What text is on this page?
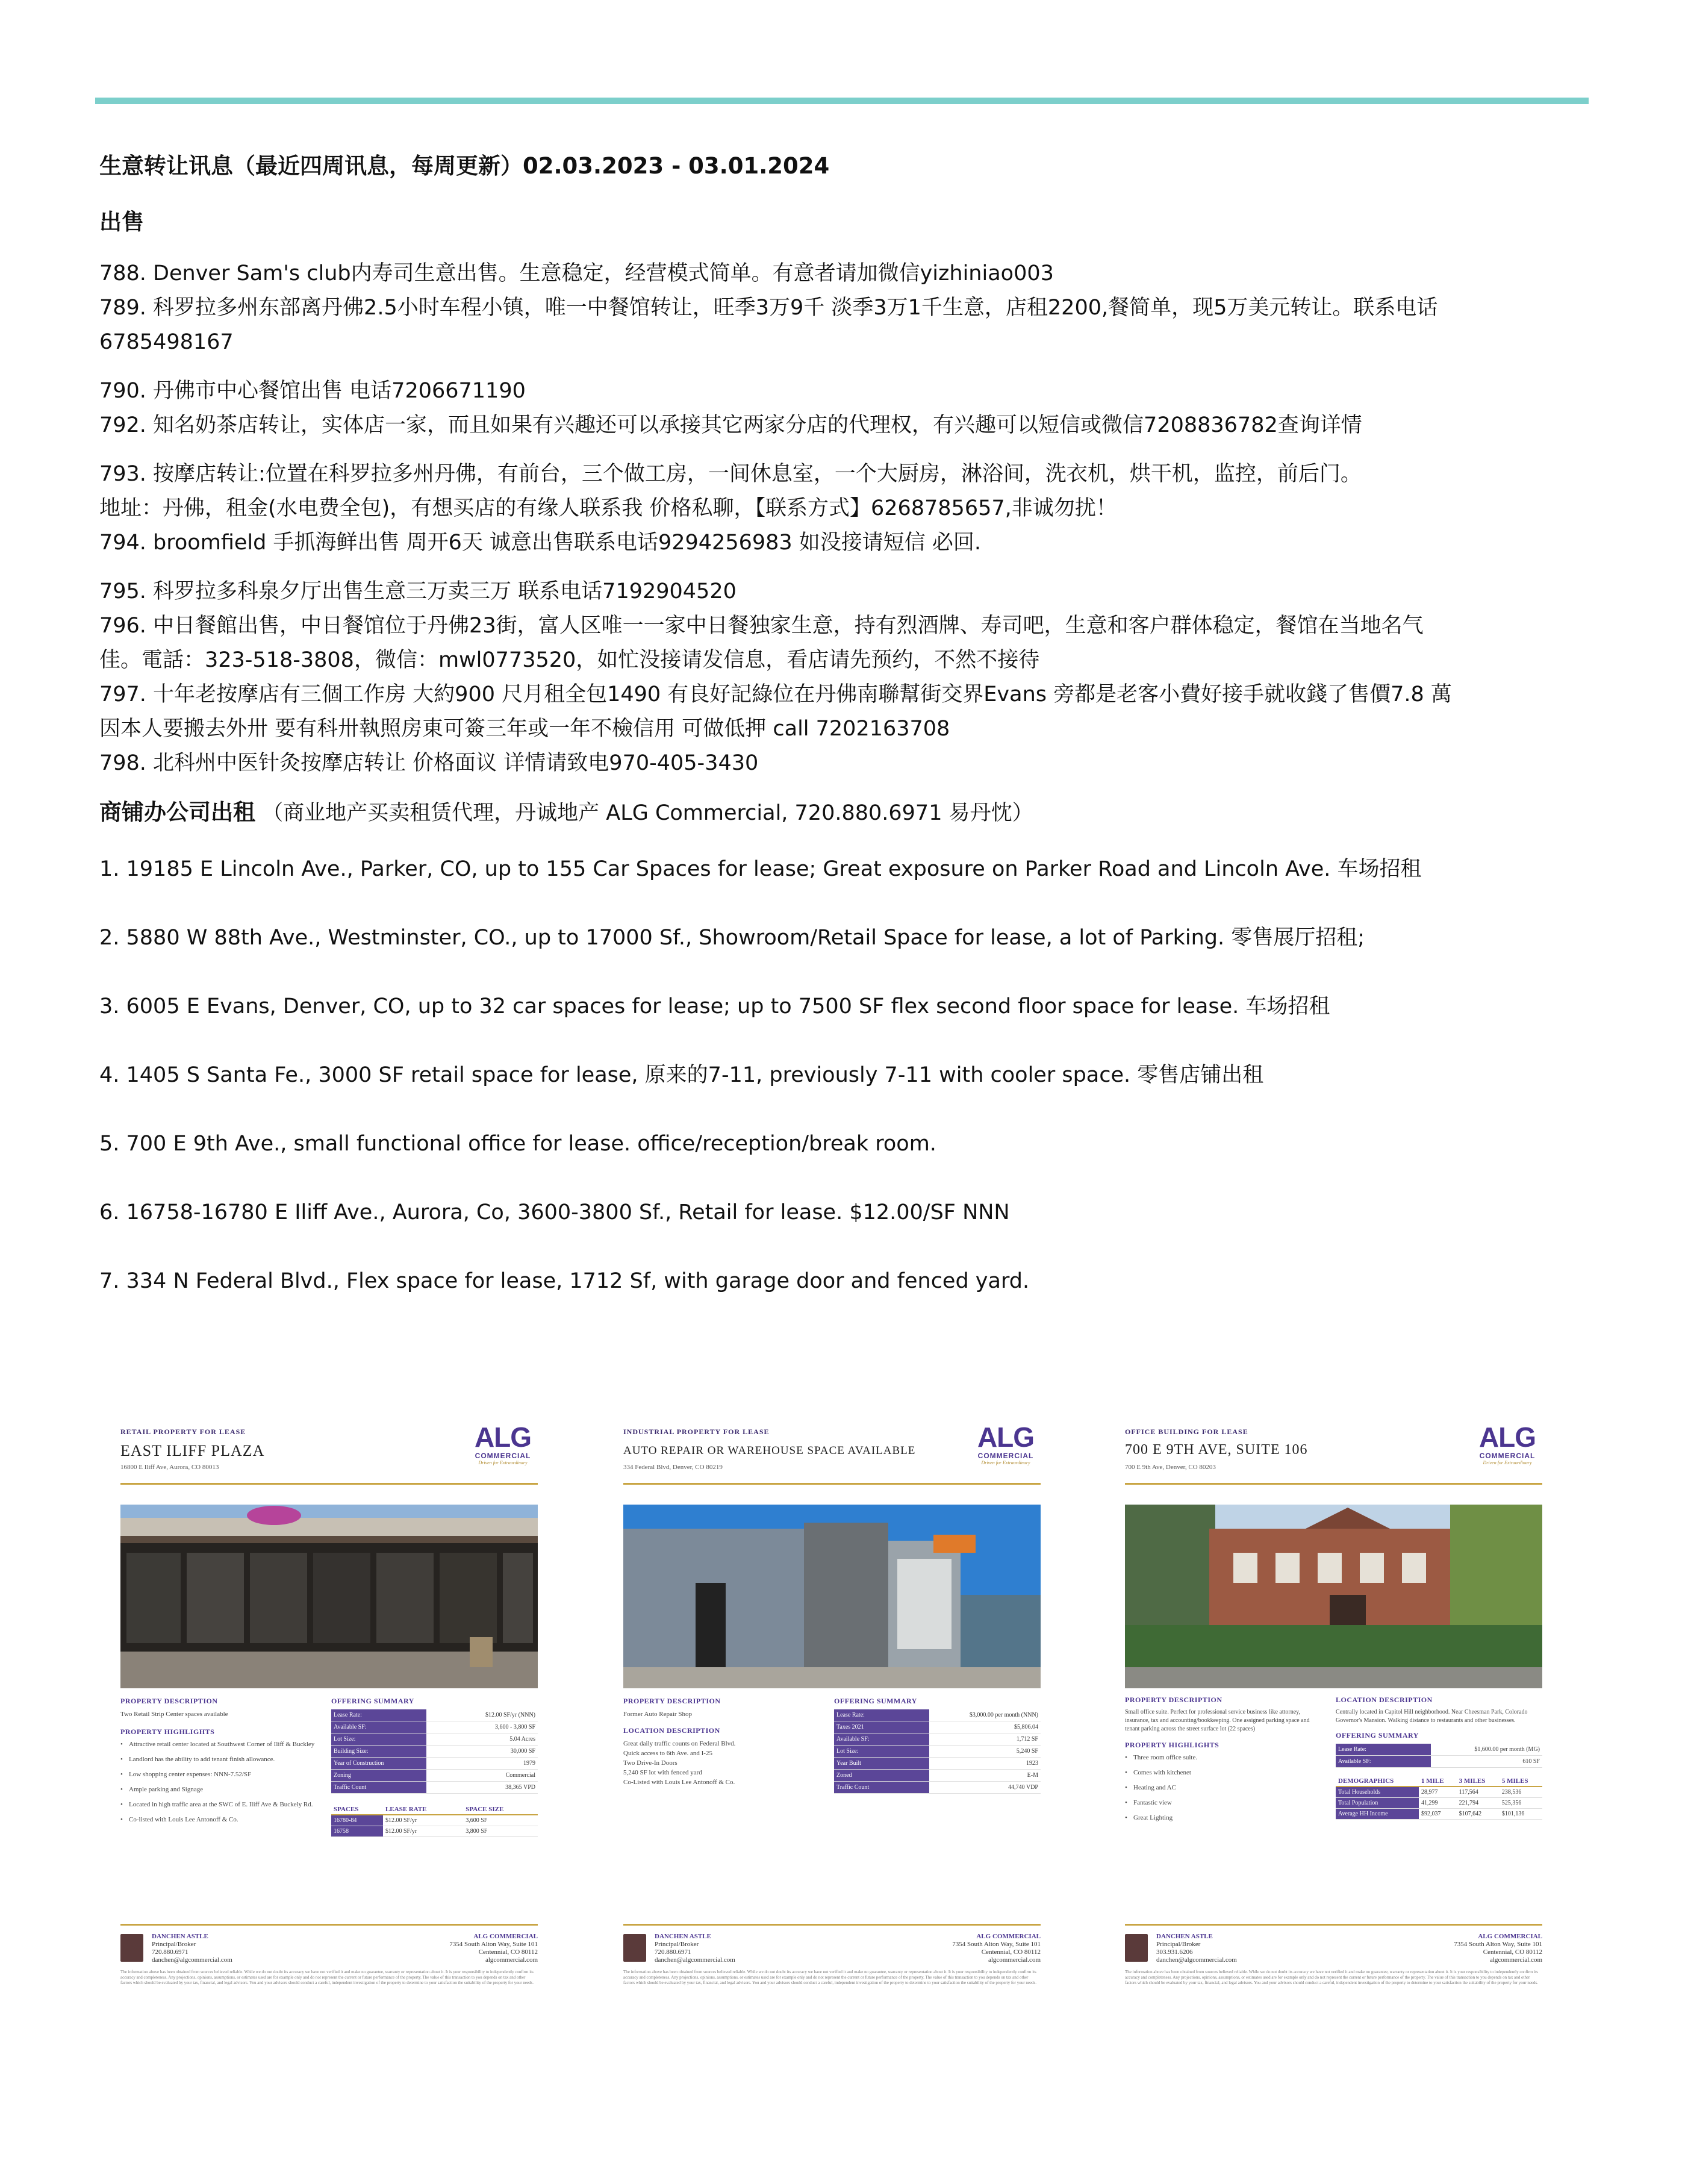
生意转让讯息（最近四周讯息，每周更新）02.03.2023 - 03.01.2024
出售

788. Denver Sam's club内寿司生意出售。生意稳定，经营模式简单。有意者请加微信yizhiniao003

789. 科罗拉多州东部离丹佛2.5小时车程小镇，唯一中餐馆转让，旺季3万9千 淡季3万1千生意，店租2200,餐简单，现5万美元转让。联系电话

6785498167

790. 丹佛市中心餐馆出售 电话7206671190

792. 知名奶茶店转让，实体店一家，而且如果有兴趣还可以承接其它两家分店的代理权，有兴趣可以短信或微信7208836782查询详情

793. 按摩店转让:位置在科罗拉多州丹佛，有前台，三个做工房，一间休息室，一个大厨房，淋浴间，洗衣机，烘干机，监控，前后门。

地址：丹佛，租金(水电费全包)，有想买店的有缘人联系我 价格私聊，【联系方式】6268785657,非诚勿扰！

794. broomfield 手抓海鲜出售 周开6天 诚意出售联系电话9294256983 如没接请短信 必回.

795. 科罗拉多科泉夕厅出售生意三万卖三万 联系电话7192904520

796. 中日餐館出售，中日餐馆位于丹佛23街，富人区唯一一家中日餐独家生意，持有烈酒牌、寿司吧，生意和客户群体稳定，餐馆在当地名气

佳。電話：323-518-3808，微信：mwl0773520，如忙没接请发信息，看店请先预约，不然不接待

797. 十年老按摩店有三個工作房 大約900 尺月租全包1490 有良好記綠位在丹佛南聯幫街交界Evans 旁都是老客小費好接手就收錢了售價7.8 萬

因本人要搬去外卅 要有科卅執照房東可簽三年或一年不檢信用 可做低押 call 7202163708

798. 北科州中医针灸按摩店转让 价格面议 详情请致电970-405-3430

商铺办公司出租 （商业地产买卖租赁代理，丹诚地产 ALG Commercial, 720.880.6971 易丹忱）

1. 19185 E Lincoln Ave., Parker, CO, up to 155 Car Spaces for lease; Great exposure on Parker Road and Lincoln Ave. 车场招租

2. 5880 W 88th Ave., Westminster, CO., up to 17000 Sf., Showroom/Retail Space for lease, a lot of Parking. 零售展厅招租;

3. 6005 E Evans, Denver, CO, up to 32 car spaces for lease; up to 7500 SF flex second floor space for lease. 车场招租

4. 1405 S Santa Fe., 3000 SF retail space for lease, 原来的7-11, previously 7-11 with cooler space. 零售店铺出租

5. 700 E 9th Ave., small functional office for lease. office/reception/break room.

6. 16758-16780 E Iliff Ave., Aurora, Co, 3600-3800 Sf., Retail for lease. $12.00/SF NNN

7. 334 N Federal Blvd., Flex space for lease, 1712 Sf, with garage door and fenced yard.

RETAIL PROPERTY FOR LEASE
EAST ILIFF PLAZA
16800 E Iliff Ave, Aurora, CO 80013
ALG
COMMERCIAL
Driven for Extraordinary
PROPERTY DESCRIPTION
Two Retail Strip Center spaces available
PROPERTY HIGHLIGHTS

• Attractive retail center located at Southwest Corner of Iliff & Buckley

• Landlord has the ability to add tenant finish allowance.

• Low shopping center expenses: NNN-7.52/SF

• Ample parking and Signage

• Located in high traffic area at the SWC of E. Iliff Ave & Buckely Rd.

• Co-listed with Louis Lee Antonoff & Co.

OFFERING SUMMARY
Lease Rate:	$12.00 SF/yr (NNN)
Available SF:	3,600 - 3,800 SF
Lot Size:	5.04 Acres
Building Size:	30,000 SF
Year of Construction	1979
Zoning	Commercial
Traffic Count	38,365 VPD
SPACES	LEASE RATE	SPACE SIZE
16780-84	$12.00 SF/yr	3,600 SF
16758	$12.00 SF/yr	3,800 SF
DANCHEN ASTLE
Principal/Broker
720.880.6971
danchen@algcommercial.com
ALG COMMERCIAL
7354 South Alton Way, Suite 101
Centennial, CO 80112
algcommercial.com
The information above has been obtained from sources believed reliable. While we do not doubt its accuracy we have not verified it and make no guarantee, warranty or representation about it. It is your responsibility to independently confirm its accuracy and completeness. Any projections, opinions, assumptions, or estimates used are for example only and do not represent the current or future performance of the property. The value of this transaction to you depends on tax and other factors which should be evaluated by your tax, financial, and legal advisors. You and your advisors should conduct a careful, independent investigation of the property to determine to your satisfaction the suitability of the property for your needs.
INDUSTRIAL PROPERTY FOR LEASE
AUTO REPAIR OR WAREHOUSE SPACE AVAILABLE
334 Federal Blvd, Denver, CO 80219
ALG
COMMERCIAL
Driven for Extraordinary
PROPERTY DESCRIPTION
Former Auto Repair Shop
LOCATION DESCRIPTION
Great daily traffic counts on Federal Blvd.
Quick access to 6th Ave. and I-25
Two Drive-In Doors
5,240 SF lot with fenced yard
Co-Listed with Louis Lee Antonoff & Co.
OFFERING SUMMARY
Lease Rate:	$3,000.00 per month (NNN)
Taxes 2021	$5,806.04
Available SF:	1,712 SF
Lot Size:	5,240 SF
Year Built	1923
Zoned	E-M
Traffic Count	44,740 VDP
DANCHEN ASTLE
Principal/Broker
720.880.6971
danchen@algcommercial.com
ALG COMMERCIAL
7354 South Alton Way, Suite 101
Centennial, CO 80112
algcommercial.com
The information above has been obtained from sources believed reliable. While we do not doubt its accuracy we have not verified it and make no guarantee, warranty or representation about it. It is your responsibility to independently confirm its accuracy and completeness. Any projections, opinions, assumptions, or estimates used are for example only and do not represent the current or future performance of the property. The value of this transaction to you depends on tax and other factors which should be evaluated by your tax, financial, and legal advisors. You and your advisors should conduct a careful, independent investigation of the property to determine to your satisfaction the suitability of the property for your needs.
OFFICE BUILDING FOR LEASE
700 E 9TH AVE, SUITE 106
700 E 9th Ave, Denver, CO 80203
ALG
COMMERCIAL
Driven for Extraordinary
PROPERTY DESCRIPTION
Small office suite. Perfect for professional service business like attorney, insurance, tax and accounting/bookkeeping. One assigned parking space and tenant parking across the street surface lot (22 spaces)
PROPERTY HIGHLIGHTS

• Three room office suite.

• Comes with kitchenet

• Heating and AC

• Fantastic view

• Great Lighting

LOCATION DESCRIPTION
Centrally located in Capitol Hill neighborhood. Near Cheesman Park, Colorado Governor's Mansion. Walking distance to restaurants and other businesses.
OFFERING SUMMARY
Lease Rate:	$1,600.00 per month (MG)
Available SF:	610 SF
DEMOGRAPHICS	1 MILE	3 MILES	5 MILES
Total Households	28,977	117,564	238,536
Total Population	41,299	221,794	525,356
Average HH Income	$92,037	$107,642	$101,136
DANCHEN ASTLE
Principal/Broker
303.931.6206
danchen@algcommercial.com
ALG COMMERCIAL
7354 South Alton Way, Suite 101
Centennial, CO 80112
algcommercial.com
The information above has been obtained from sources believed reliable. While we do not doubt its accuracy we have not verified it and make no guarantee, warranty or representation about it. It is your responsibility to independently confirm its accuracy and completeness. Any projections, opinions, assumptions, or estimates used are for example only and do not represent the current or future performance of the property. The value of this transaction to you depends on tax and other factors which should be evaluated by your tax, financial, and legal advisors. You and your advisors should conduct a careful, independent investigation of the property to determine to your satisfaction the suitability of the property for your needs.
